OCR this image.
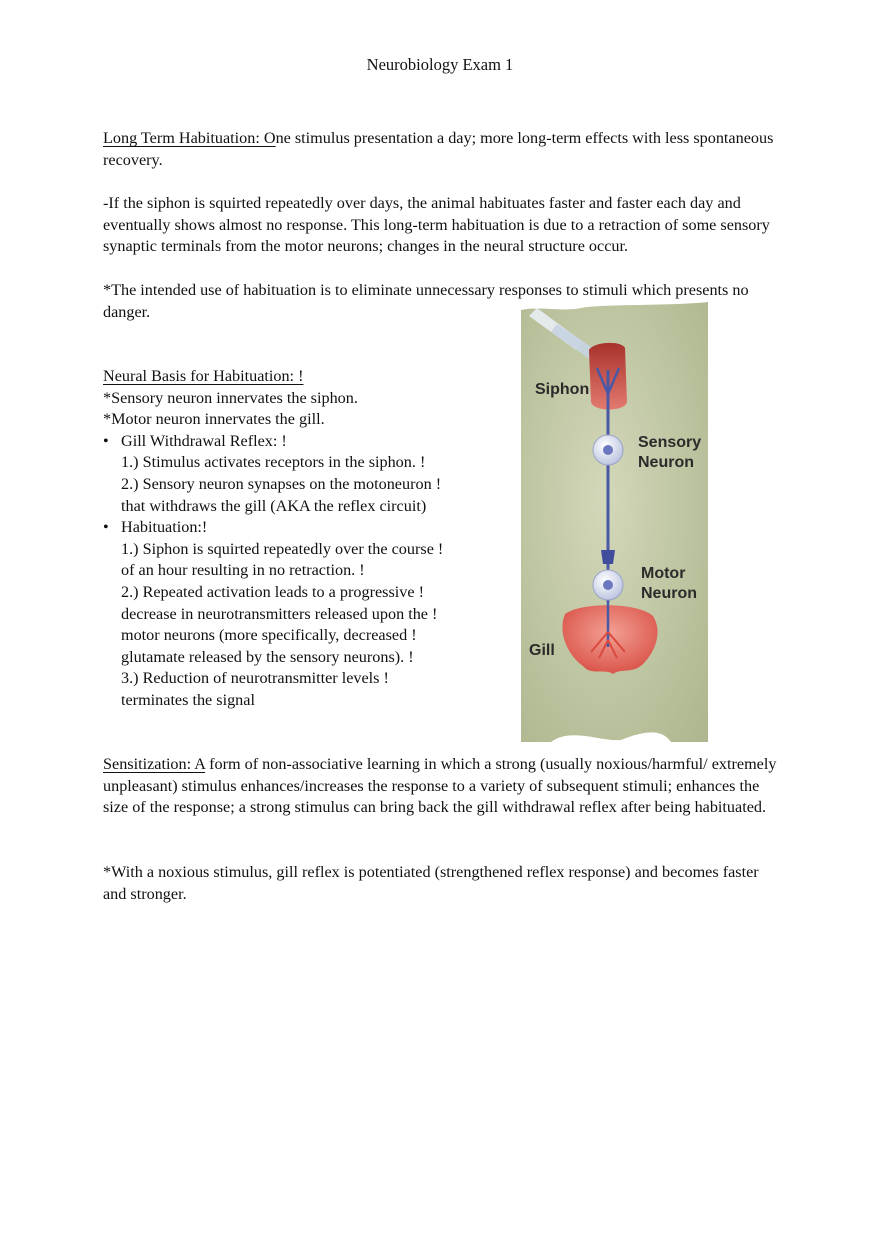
Neurobiology Exam 1
Long Term Habituation: One stimulus presentation a day; more long-term effects with less spontaneous recovery.
-If the siphon is squirted repeatedly over days, the animal habituates faster and faster each day and eventually shows almost no response. This long-term habituation is due to a retraction of some sensory synaptic terminals from the motor neurons; changes in the neural structure occur.
*The intended use of habituation is to eliminate unnecessary responses to stimuli which presents no danger.
Neural Basis for Habituation: !
*Sensory neuron innervates the siphon.
*Motor neuron innervates the gill.
• Gill Withdrawal Reflex: !
1.) Stimulus activates receptors in the siphon. !
2.) Sensory neuron synapses on the motoneuron !
that withdraws the gill (AKA the reflex circuit)
• Habituation:!
1.) Siphon is squirted repeatedly over the course !
of an hour resulting in no retraction. !
2.) Repeated activation leads to a progressive !
decrease in neurotransmitters released upon the !
motor neurons (more specifically, decreased !
glutamate released by the sensory neurons). !
3.) Reduction of neurotransmitter levels !
terminates the signal
Siphon
Sensory
Neuron
Motor
Neuron
Gill
Sensitization: A form of non-associative learning in which a strong (usually noxious/harmful/ extremely unpleasant) stimulus enhances/increases the response to a variety of subsequent stimuli; enhances the size of the response; a strong stimulus can bring back the gill withdrawal reflex after being habituated.
*With a noxious stimulus, gill reflex is potentiated (strengthened reflex response) and becomes faster and stronger.
